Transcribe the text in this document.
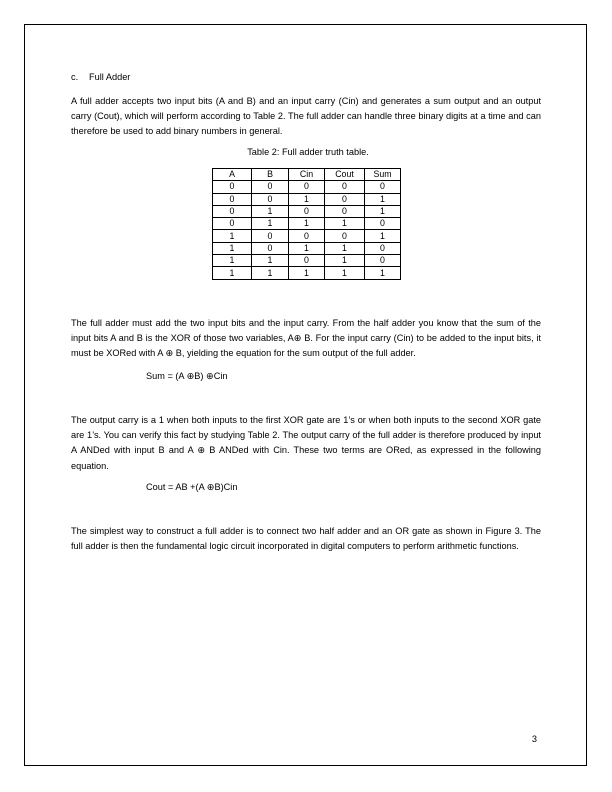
c. Full Adder

A full adder accepts two input bits (A and B) and an input carry (Cin) and generates a sum output and an output carry (Cout), which will perform according to Table 2. The full adder can handle three binary digits at a time and can therefore be used to add binary numbers in general.

Table 2: Full adder truth table.
A	B	Cin	Cout	Sum
0	0	0	0	0
0	0	1	0	1
0	1	0	0	1
0	1	1	1	0
1	0	0	0	1
1	0	1	1	0
1	1	0	1	0
1	1	1	1	1

The full adder must add the two input bits and the input carry. From the half adder you know that the sum of the input bits A and B is the XOR of those two variables, A⊕ B. For the input carry (Cin) to be added to the input bits, it must be XORed with A ⊕ B, yielding the equation for the sum output of the full adder.

Sum = (A ⊕B) ⊕Cin

The output carry is a 1 when both inputs to the first XOR gate are 1’s or when both inputs to the second XOR gate are 1’s. You can verify this fact by studying Table 2. The output carry of the full adder is therefore produced by input A ANDed with input B and A ⊕ B ANDed with Cin. These two terms are ORed, as expressed in the following equation.

Cout = AB +(A ⊕B)Cin

The simplest way to construct a full adder is to connect two half adder and an OR gate as shown in Figure 3. The full adder is then the fundamental logic circuit incorporated in digital computers to perform arithmetic functions.

3
